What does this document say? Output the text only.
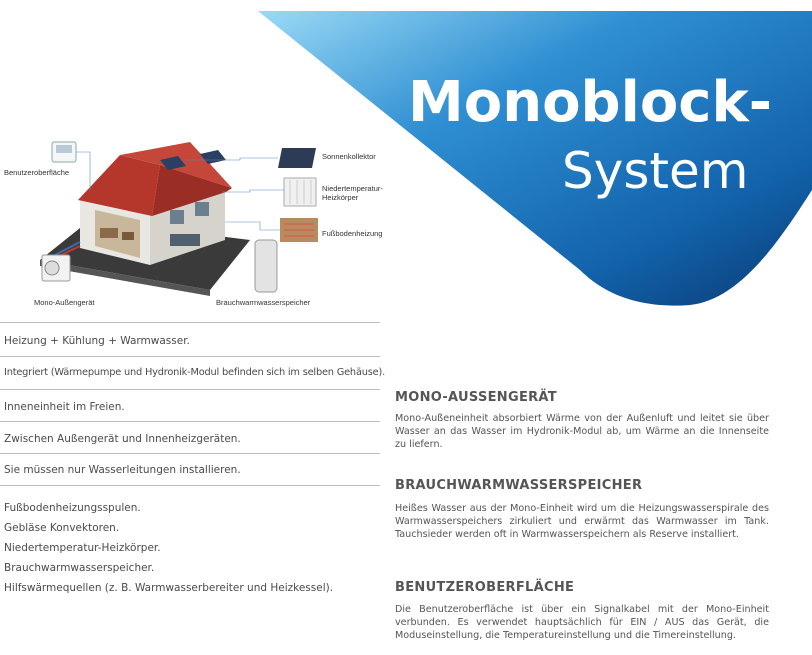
Monoblock-
System
Benutzeroberfläche
Sonnenkollektor
Niedertemperatur-
Heizkörper
Fußbodenheizung
Mono-Außengerät	Brauchwarmwasserspeicher
Heizung + Kühlung + Warmwasser.
Integriert (Wärmepumpe und Hydronik-Modul befinden sich im selben Gehäuse).
Inneneinheit im Freien.
Zwischen Außengerät und Innenheizgeräten.
Sie müssen nur Wasserleitungen installieren.
Fußbodenheizungsspulen.
Gebläse Konvektoren.
Niedertemperatur-Heizkörper.
Brauchwarmwasserspeicher.
Hilfswärmequellen (z. B. Warmwasserbereiter und Heizkessel).
MONO-AUSSENGERÄT
Mono-Außeneinheit absorbiert Wärme von der Außenluft und leitet sie über Wasser an das Wasser im Hydronik-Modul ab, um Wärme an die Innenseite zu liefern.
BRAUCHWARMWASSERSPEICHER
Heißes Wasser aus der Mono-Einheit wird um die Heizungswasserspirale des Warmwasserspeichers zirkuliert und erwärmt das Warmwasser im Tank. Tauchsieder werden oft in Warmwasserspeichern als Reserve installiert.
BENUTZEROBERFLÄCHE
Die Benutzeroberfläche ist über ein Signalkabel mit der Mono-Einheit verbunden. Es verwendet hauptsächlich für EIN / AUS das Gerät, die Moduseinstellung, die Temperatureinstellung und die Timereinstellung.
